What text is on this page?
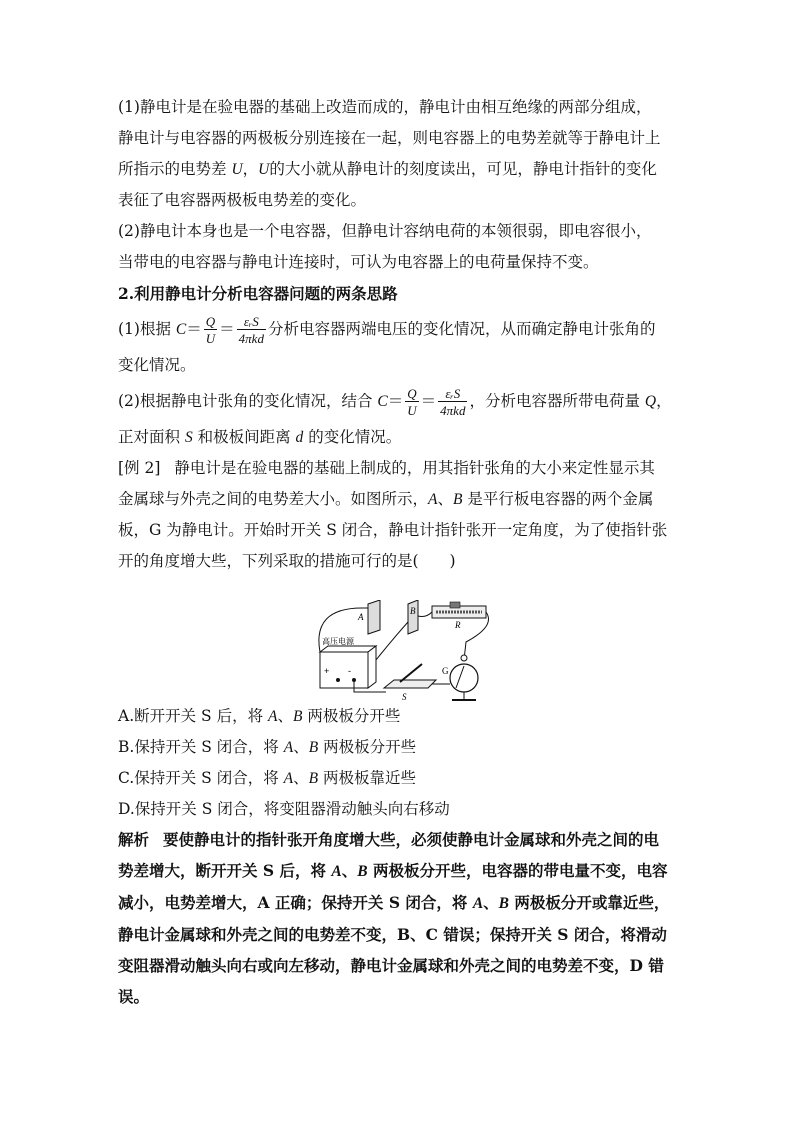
(1)静电计是在验电器的基础上改造而成的，静电计由相互绝缘的两部分组成，
静电计与电容器的两极板分别连接在一起，则电容器上的电势差就等于静电计上
所指示的电势差 U，U的大小就从静电计的刻度读出，可见，静电计指针的变化
表征了电容器两极板电势差的变化。

(2)静电计本身也是一个电容器，但静电计容纳电荷的本领很弱，即电容很小，
当带电的电容器与静电计连接时，可认为电容器上的电荷量保持不变。

2.利用静电计分析电容器问题的两条思路

(1)根据 $C= \frac{Q}{U} = \frac{\text{εᵣS}}{\text{4πkd}}$ 分析电容器两端电压的变化情况，从而确定静电计张角的

变化情况。

(2)根据静电计张角的变化情况，结合 $C= \frac{Q}{U} = \frac{\text{εᵣS}}{\text{4πkd}}$ ，分析电容器所带电荷量 Q，

正对面积 S 和极板间距离 d 的变化情况。

[例 2] 静电计是在验电器的基础上制成的，用其指针张角的大小来定性显示其
金属球与外壳之间的电势差大小。如图所示，A、B 是平行板电容器的两个金属
板，G 为静电计。开始时开关 S 闭合，静电计指针张开一定角度，为了使指针张
开的角度增大些，下列采取的措施可行的是(　　)

A.断开开关 S 后，将 A、B 两极板分开些

B.保持开关 S 闭合，将 A、B 两极板分开些

C.保持开关 S 闭合，将 A、B 两极板靠近些

D.保持开关 S 闭合，将变阻器滑动触头向右移动

解析 要使静电计的指针张开角度增大些，必须使静电计金属球和外壳之间的电
势差增大，断开开关 S 后，将 A、B 两极板分开些，电容器的带电量不变，电容
减小，电势差增大，A 正确；保持开关 S 闭合，将 A、B 两极板分开或靠近些，
静电计金属球和外壳之间的电势差不变，B、C 错误；保持开关 S 闭合，将滑动
变阻器滑动触头向右或向左移动，静电计金属球和外壳之间的电势差不变，D 错
误。

A
B
R
G
高压电源
+ -
S
